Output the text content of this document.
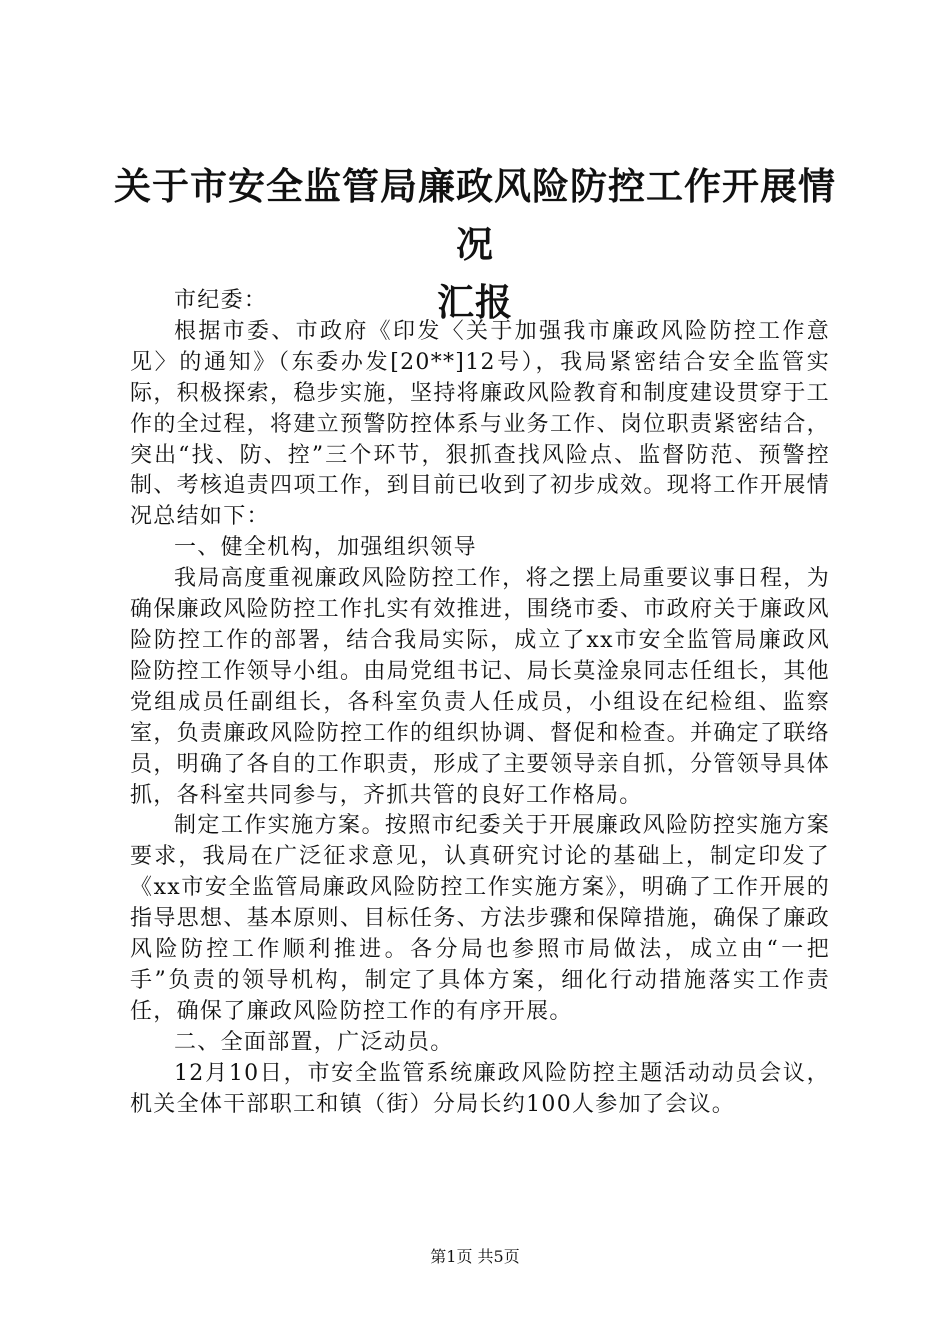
关于市安全监管局廉政风险防控工作开展情况
汇报

市纪委：

根据市委、市政府《印发〈关于加强我市廉政风险防控工作意见〉的通知》（东委办发[20**]12号），我局紧密结合安全监管实际，积极探索，稳步实施，坚持将廉政风险教育和制度建设贯穿于工作的全过程，将建立预警防控体系与业务工作、岗位职责紧密结合，突出“找、防、控”三个环节，狠抓查找风险点、监督防范、预警控制、考核追责四项工作，到目前已收到了初步成效。现将工作开展情况总结如下：

一、健全机构，加强组织领导

我局高度重视廉政风险防控工作，将之摆上局重要议事日程，为确保廉政风险防控工作扎实有效推进，围绕市委、市政府关于廉政风险防控工作的部署，结合我局实际，成立了xx市安全监管局廉政风险防控工作领导小组。由局党组书记、局长莫淦泉同志任组长，其他党组成员任副组长，各科室负责人任成员，小组设在纪检组、监察室，负责廉政风险防控工作的组织协调、督促和检查。并确定了联络员，明确了各自的工作职责，形成了主要领导亲自抓，分管领导具体抓，各科室共同参与，齐抓共管的良好工作格局。

制定工作实施方案。按照市纪委关于开展廉政风险防控实施方案要求，我局在广泛征求意见，认真研究讨论的基础上，制定印发了《xx市安全监管局廉政风险防控工作实施方案》，明确了工作开展的指导思想、基本原则、目标任务、方法步骤和保障措施，确保了廉政风险防控工作顺利推进。各分局也参照市局做法，成立由“一把手”负责的领导机构，制定了具体方案，细化行动措施落实工作责任，确保了廉政风险防控工作的有序开展。

二、全面部置，广泛动员。

12月10日，市安全监管系统廉政风险防控主题活动动员会议，机关全体干部职工和镇（街）分局长约100人参加了会议。

第1页 共5页
